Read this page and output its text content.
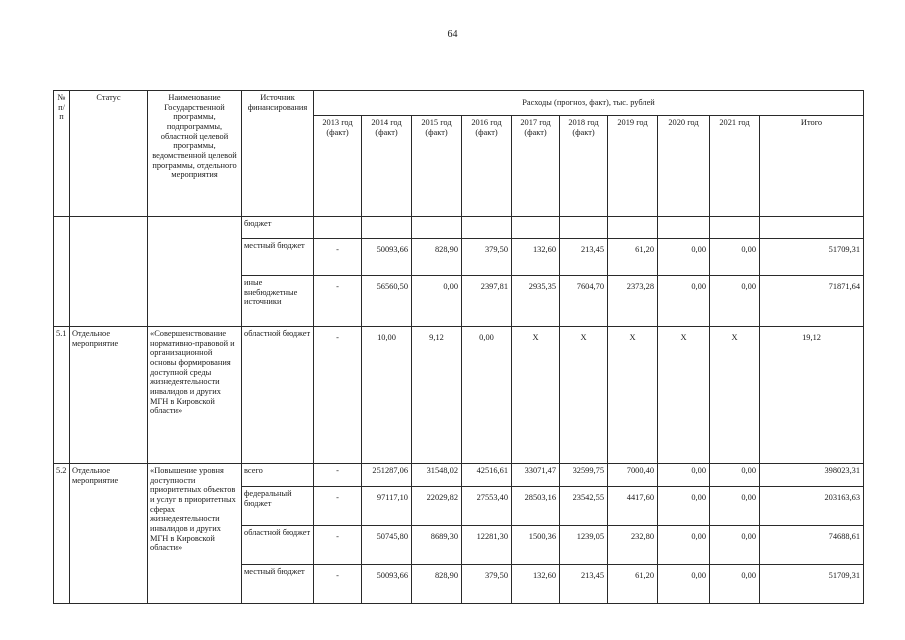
64
№ п/п	Статус	Наименование Государственной программы, подпрограммы, областной целевой программы, ведомственной целевой программы, отдельного мероприятия	Источник финансирования	Расходы (прогноз, факт), тыс. рублей									
				2013 год (факт)	2014 год (факт)	2015 год (факт)	2016 год (факт)	2017 год (факт)	2018 год (факт)	2019 год	2020 год	2021 год	Итого
			бюджет										
			местный бюджет	-	50093,66	828,90	379,50	132,60	213,45	61,20	0,00	0,00	51709,31
			иные внебюджетные источники	-	56560,50	0,00	2397,81	2935,35	7604,70	2373,28	0,00	0,00	71871,64
5.1	Отдельное мероприятие	«Совершенствование нормативно-правовой и организационной основы формирования доступной среды жизнедеятельности инвалидов и других МГН в Кировской области»	областной бюджет	-	10,00	9,12	0,00	X	X	X	X	X	19,12
5.2	Отдельное мероприятие	«Повышение уровня доступности приоритетных объектов и услуг в приоритетных сферах жизнедеятельности инвалидов и других МГН в Кировской области»	всего	-	251287,06	31548,02	42516,61	33071,47	32599,75	7000,40	0,00	0,00	398023,31
			федеральный бюджет	-	97117,10	22029,82	27553,40	28503,16	23542,55	4417,60	0,00	0,00	203163,63
			областной бюджет	-	50745,80	8689,30	12281,30	1500,36	1239,05	232,80	0,00	0,00	74688,61
			местный бюджет	-	50093,66	828,90	379,50	132,60	213,45	61,20	0,00	0,00	51709,31
